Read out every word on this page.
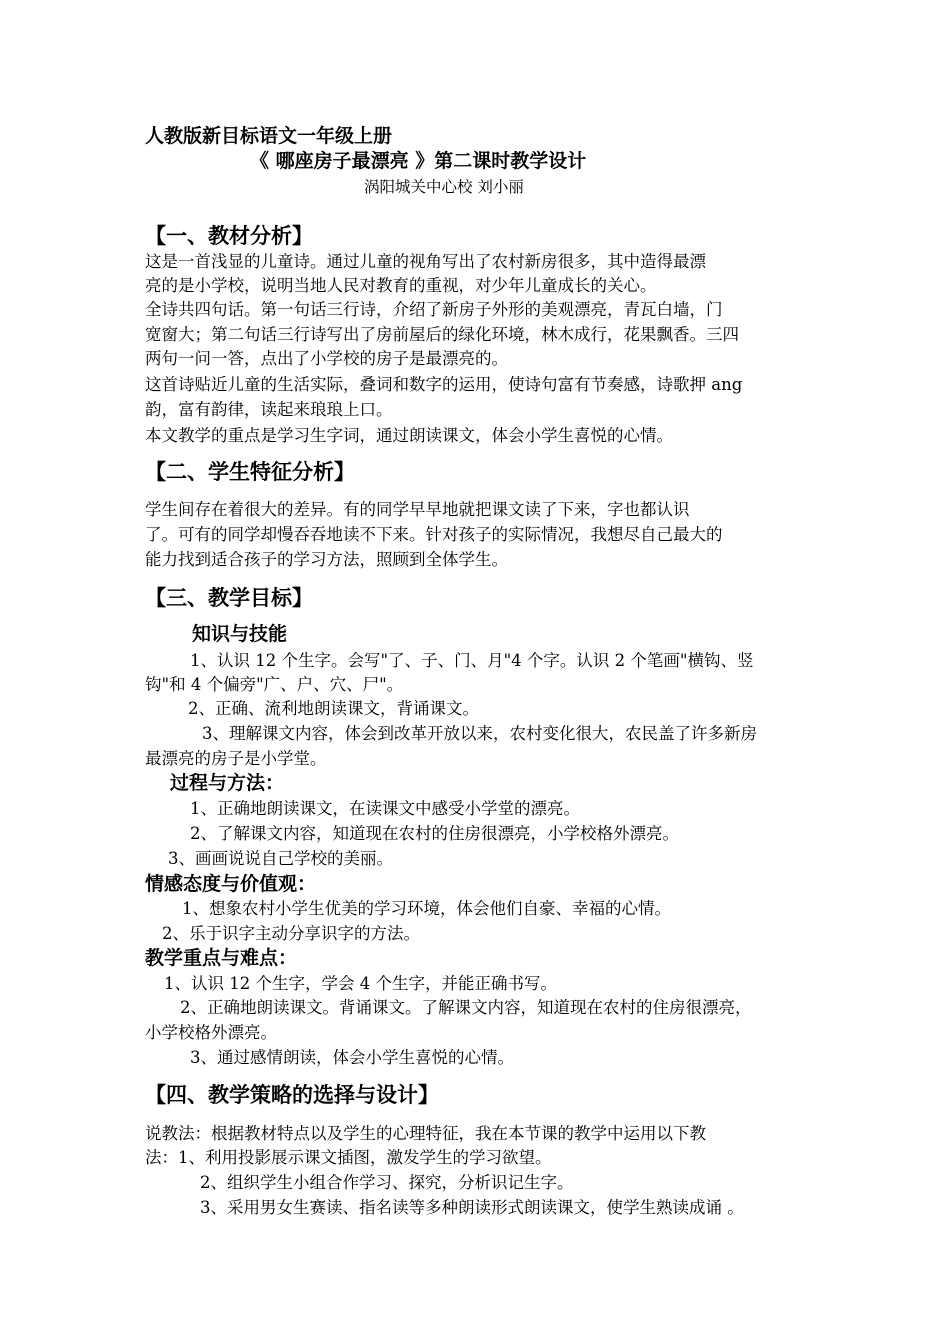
人教版新目标语文一年级上册
《 哪座房子最漂亮 》第二课时教学设计
涡阳城关中心校 刘小丽
【一、教材分析】
这是一首浅显的儿童诗。通过儿童的视角写出了农村新房很多，其中造得最漂
亮的是小学校，说明当地人民对教育的重视，对少年儿童成长的关心。
全诗共四句话。第一句话三行诗，介绍了新房子外形的美观漂亮，青瓦白墙，门
宽窗大；第二句话三行诗写出了房前屋后的绿化环境，林木成行，花果飘香。三四
两句一问一答，点出了小学校的房子是最漂亮的。
这首诗贴近儿童的生活实际，叠词和数字的运用，使诗句富有节奏感，诗歌押 ang
韵，富有韵律，读起来琅琅上口。
本文教学的重点是学习生字词，通过朗读课文，体会小学生喜悦的心情。
【二、学生特征分析】
学生间存在着很大的差异。有的同学早早地就把课文读了下来，字也都认识
了。可有的同学却慢吞吞地读不下来。针对孩子的实际情况，我想尽自己最大的
能力找到适合孩子的学习方法，照顾到全体学生。
【三、教学目标】
知识与技能
1、认识 12 个生字。会写"了、子、门、月"4 个字。认识 2 个笔画"横钩、竖
钩"和 4 个偏旁"广、户、穴、尸"。
2、正确、流利地朗读课文，背诵课文。
3、理解课文内容，体会到改革开放以来，农村变化很大，农民盖了许多新房
最漂亮的房子是小学堂。
过程与方法：
1、正确地朗读课文，在读课文中感受小学堂的漂亮。
2、了解课文内容，知道现在农村的住房很漂亮，小学校格外漂亮。
3、画画说说自己学校的美丽。
情感态度与价值观：
1、想象农村小学生优美的学习环境，体会他们自豪、幸福的心情。
2、乐于识字主动分享识字的方法。
教学重点与难点：
1、认识 12 个生字，学会 4 个生字，并能正确书写。
2、正确地朗读课文。背诵课文。了解课文内容，知道现在农村的住房很漂亮，
小学校格外漂亮。
3、通过感情朗读，体会小学生喜悦的心情。
【四、教学策略的选择与设计】
说教法：根据教材特点以及学生的心理特征，我在本节课的教学中运用以下教
法：1、利用投影展示课文插图，激发学生的学习欲望。
2、组织学生小组合作学习、探究，分析识记生字。
3、采用男女生赛读、指名读等多种朗读形式朗读课文，使学生熟读成诵 。
